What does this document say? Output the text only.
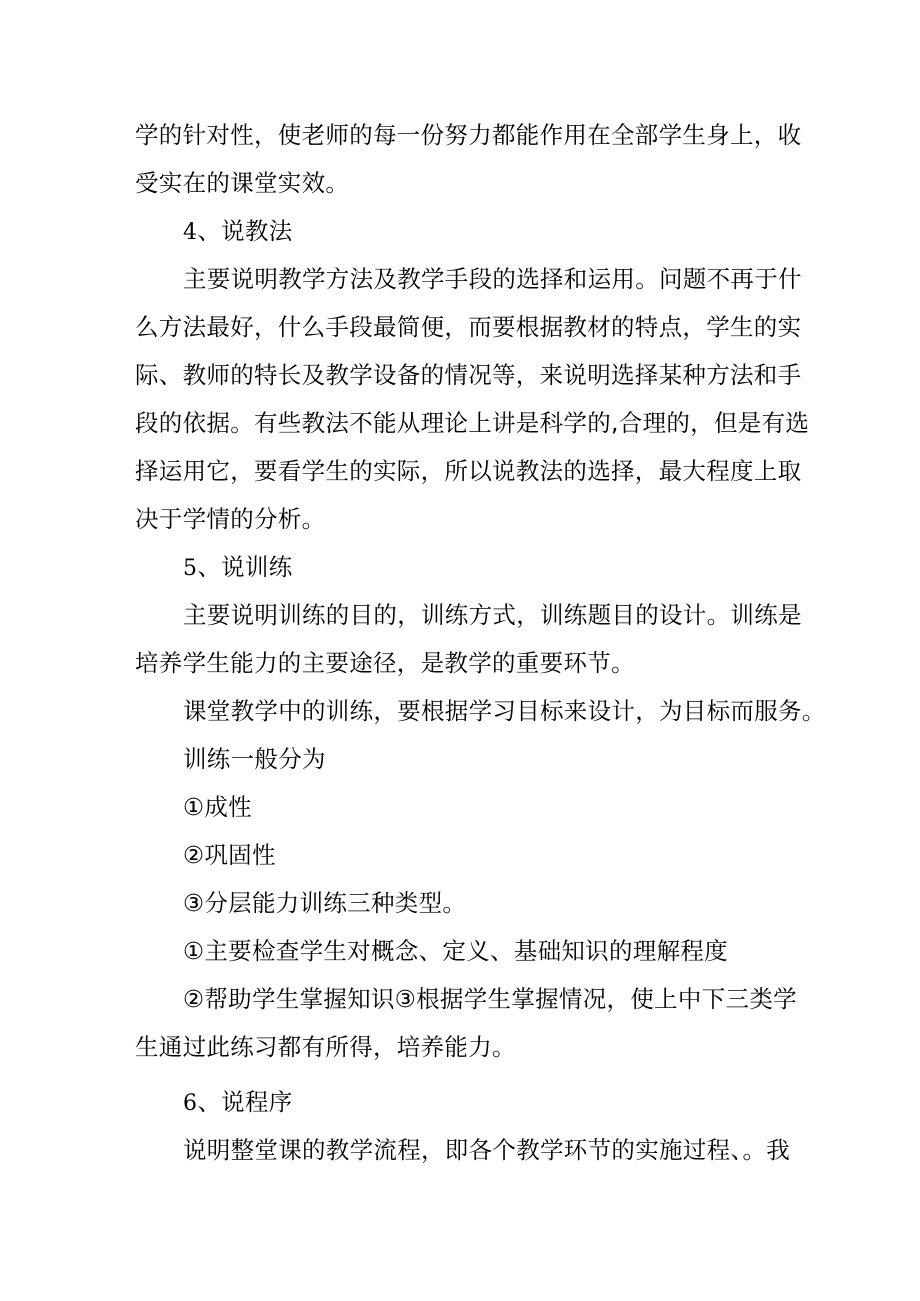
学的针对性，使老师的每一份努力都能作用在全部学生身上，收
受实在的课堂实效。
4、说教法
主要说明教学方法及教学手段的选择和运用。问题不再于什
么方法最好，什么手段最简便，而要根据教材的特点，学生的实
际、教师的特长及教学设备的情况等，来说明选择某种方法和手
段的依据。有些教法不能从理论上讲是科学的,合理的，但是有选
择运用它，要看学生的实际，所以说教法的选择，最大程度上取
决于学情的分析。
5、说训练
主要说明训练的目的，训练方式，训练题目的设计。训练是
培养学生能力的主要途径，是教学的重要环节。
课堂教学中的训练，要根据学习目标来设计，为目标而服务。
训练一般分为
①成性
②巩固性
③分层能力训练三种类型。
①主要检查学生对概念、定义、基础知识的理解程度
②帮助学生掌握知识③根据学生掌握情况，使上中下三类学
生通过此练习都有所得，培养能力。
6、说程序
说明整堂课的教学流程，即各个教学环节的实施过程、。我
